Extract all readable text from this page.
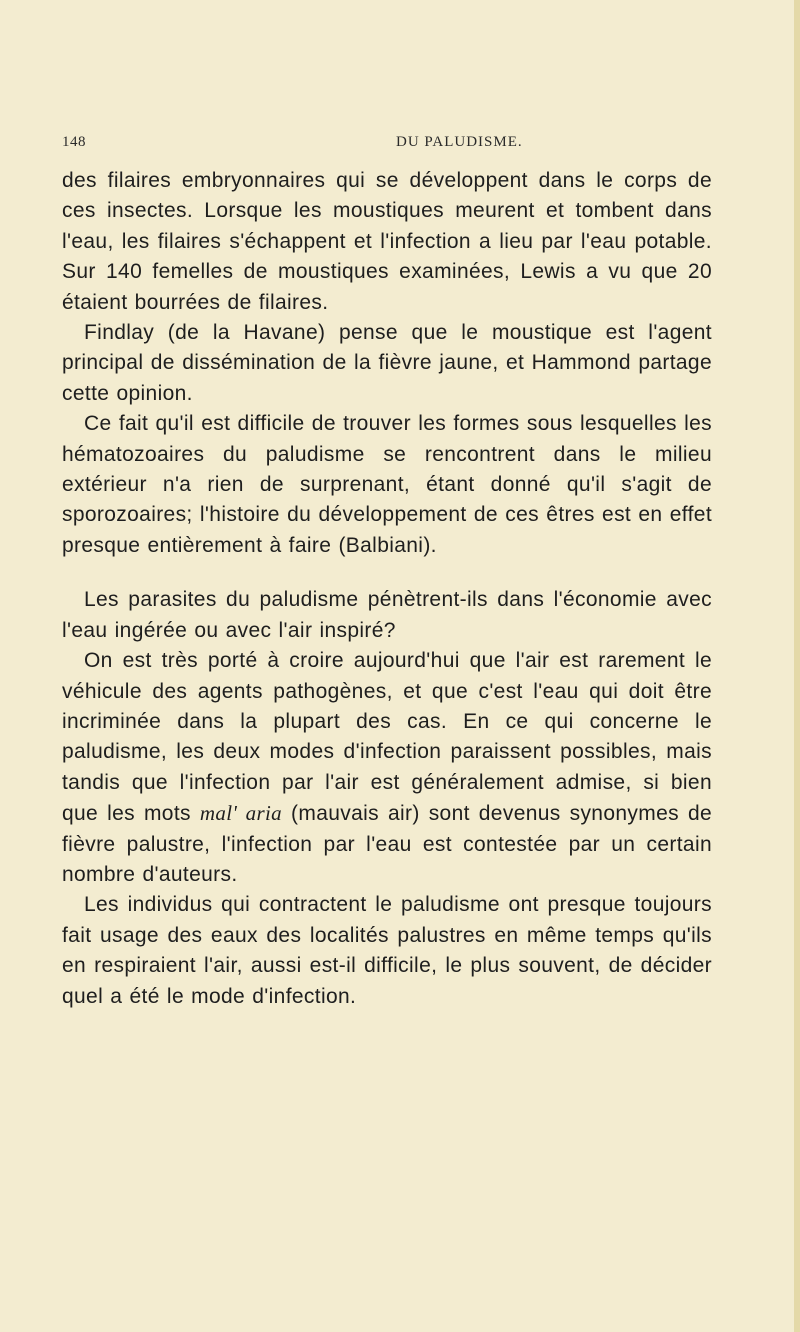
148	DU PALUDISME.

des filaires embryonnaires qui se développent dans le corps de ces insectes. Lorsque les moustiques meurent et tombent dans l'eau, les filaires s'échappent et l'infection a lieu par l'eau potable. Sur 140 femelles de moustiques examinées, Lewis a vu que 20 étaient bourrées de filaires.

Findlay (de la Havane) pense que le moustique est l'agent principal de dissémination de la fièvre jaune, et Hammond partage cette opinion.

Ce fait qu'il est difficile de trouver les formes sous lesquelles les hématozoaires du paludisme se rencontrent dans le milieu extérieur n'a rien de surprenant, étant donné qu'il s'agit de sporozoaires; l'histoire du développement de ces êtres est en effet presque entièrement à faire (Balbiani).

Les parasites du paludisme pénètrent-ils dans l'économie avec l'eau ingérée ou avec l'air inspiré?

On est très porté à croire aujourd'hui que l'air est rarement le véhicule des agents pathogènes, et que c'est l'eau qui doit être incriminée dans la plupart des cas. En ce qui concerne le paludisme, les deux modes d'infection paraissent possibles, mais tandis que l'infection par l'air est généralement admise, si bien que les mots mal' aria (mauvais air) sont devenus synonymes de fièvre palustre, l'infection par l'eau est contestée par un certain nombre d'auteurs.

Les individus qui contractent le paludisme ont presque toujours fait usage des eaux des localités palustres en même temps qu'ils en respiraient l'air, aussi est-il difficile, le plus souvent, de décider quel a été le mode d'infection.
